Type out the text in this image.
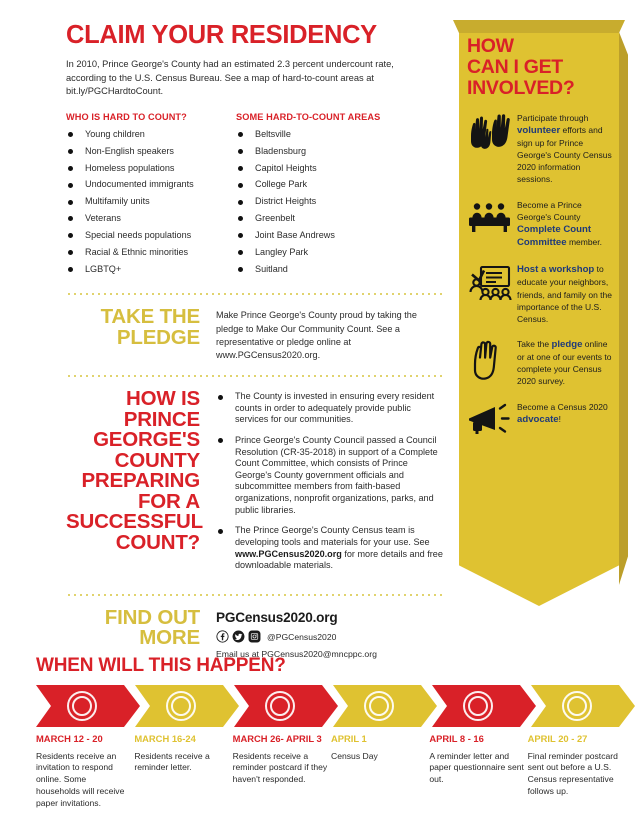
CLAIM YOUR RESIDENCY
In 2010, Prince George's County had an estimated 2.3 percent undercount rate, according to the U.S. Census Bureau. See a map of hard-to-count areas at bit.ly/PGCHardtoCount.
WHO IS HARD TO COUNT?
Young children
Non-English speakers
Homeless populations
Undocumented immigrants
Multifamily units
Veterans
Special needs populations
Racial & Ethnic minorities
LGBTQ+
SOME HARD-TO-COUNT AREAS
Beltsville
Bladensburg
Capitol Heights
College Park
District Heights
Greenbelt
Joint Base Andrews
Langley Park
Suitland
TAKE THE
PLEDGE
Make Prince George's County proud by taking the pledge to Make Our Community Count. See a representative or pledge online at www.PGCensus2020.org.
HOW IS
PRINCE
GEORGE'S
COUNTY
PREPARING
FOR A
SUCCESSFUL
COUNT?
The County is invested in ensuring every resident counts in order to adequately provide public services for our communities.
Prince George's County Council passed a Council Resolution (CR-35-2018) in support of a Complete Count Committee, which consists of Prince George's County government officials and subcommittee members from faith-based organizations, nonprofit organizations, parks, and public libraries.
The Prince George's County Census team is developing tools and materials for your use. See www.PGCensus2020.org for more details and free downloadable materials.
FIND OUT
MORE
PGCensus2020.org
@PGCensus2020
Email us at PGCensus2020@mncppc.org
HOW
CAN I GET
INVOLVED?
Participate through volunteer efforts and sign up for Prince George's County Census 2020 information sessions.
Become a Prince George's County Complete Count Committee member.
Host a workshop to educate your neighbors, friends, and family on the importance of the U.S. Census.
Take the pledge online or at one of our events to complete your Census 2020 survey.
Become a Census 2020 advocate!
WHEN WILL THIS HAPPEN?
MARCH 12 - 20
Residents receive an invitation to respond online. Some households will receive paper invitations.
MARCH 16-24
Residents receive a reminder letter.
MARCH 26- APRIL 3
Residents receive a reminder postcard if they haven't responded.
APRIL 1
Census Day
APRIL 8 - 16
A reminder letter and paper questionnaire sent out.
APRIL 20 - 27
Final reminder postcard sent out before a U.S. Census representative follows up.
